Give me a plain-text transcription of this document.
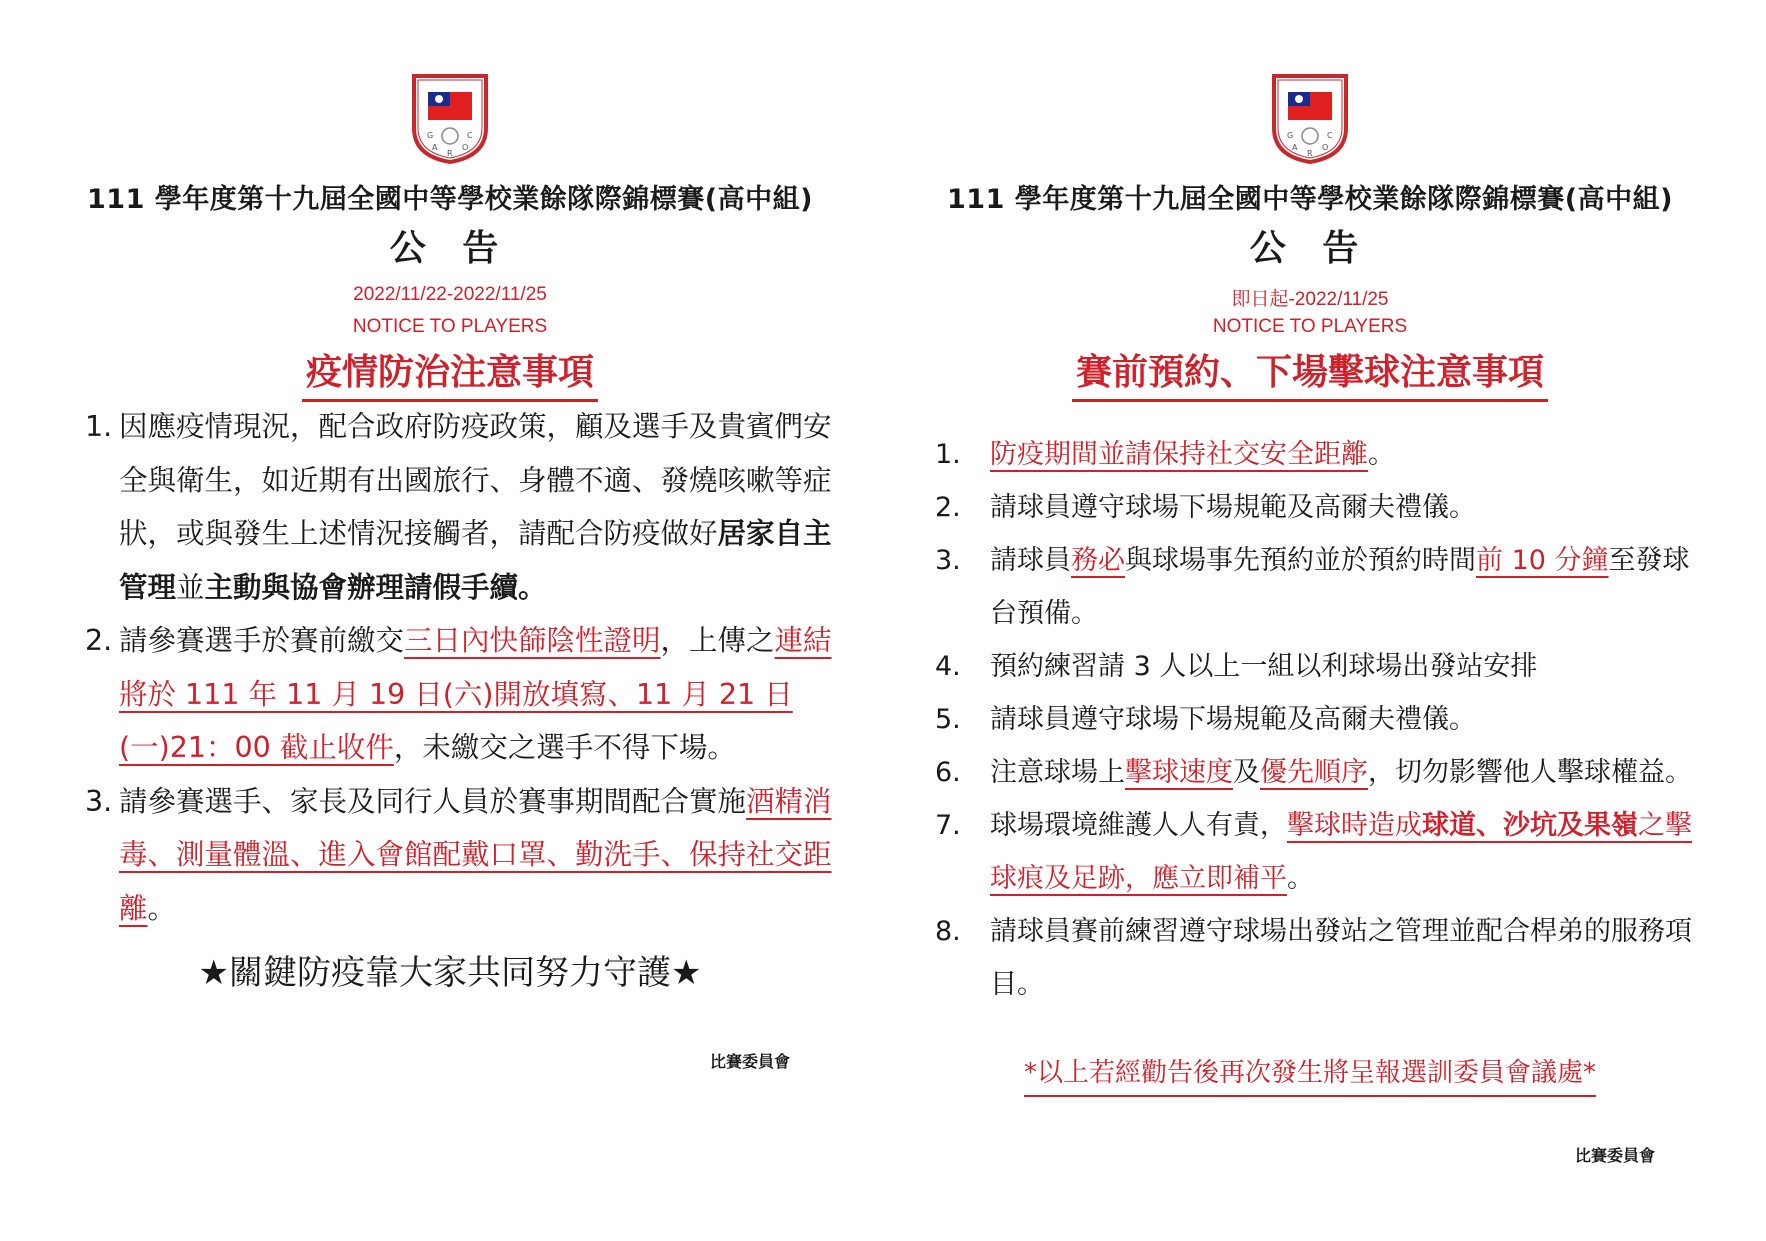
G
A
R
O
C
111 學年度第十九屆全國中等學校業餘隊際錦標賽(高中組)
公 告
2022/11/22-2022/11/25
NOTICE TO PLAYERS
疫情防治注意事項
1. 因應疫情現況，配合政府防疫政策，顧及選手及貴賓們安全與衛生，如近期有出國旅行、身體不適、發燒咳嗽等症狀，或與發生上述情況接觸者，請配合防疫做好居家自主管理並主動與協會辦理請假手續。
2. 請參賽選手於賽前繳交三日內快篩陰性證明，上傳之連結將於 111 年 11 月 19 日(六)開放填寫、11 月 21 日(一)21：00 截止收件，未繳交之選手不得下場。
3. 請參賽選手、家長及同行人員於賽事期間配合實施酒精消毒、測量體溫、進入會館配戴口罩、勤洗手、保持社交距離。
★關鍵防疫靠大家共同努力守護★
比賽委員會
G
A
R
O
C
111 學年度第十九屆全國中等學校業餘隊際錦標賽(高中組)
公 告
即日起-2022/11/25
NOTICE TO PLAYERS
賽前預約、下場擊球注意事項
1. 防疫期間並請保持社交安全距離。
2. 請球員遵守球場下場規範及高爾夫禮儀。
3. 請球員務必與球場事先預約並於預約時間前 10 分鐘至發球台預備。
4. 預約練習請 3 人以上一組以利球場出發站安排
5. 請球員遵守球場下場規範及高爾夫禮儀。
6. 注意球場上擊球速度及優先順序，切勿影響他人擊球權益。
7. 球場環境維護人人有責，擊球時造成球道、沙坑及果嶺之擊球痕及足跡，應立即補平。
8. 請球員賽前練習遵守球場出發站之管理並配合桿弟的服務項目。
*以上若經勸告後再次發生將呈報選訓委員會議處*
比賽委員會
